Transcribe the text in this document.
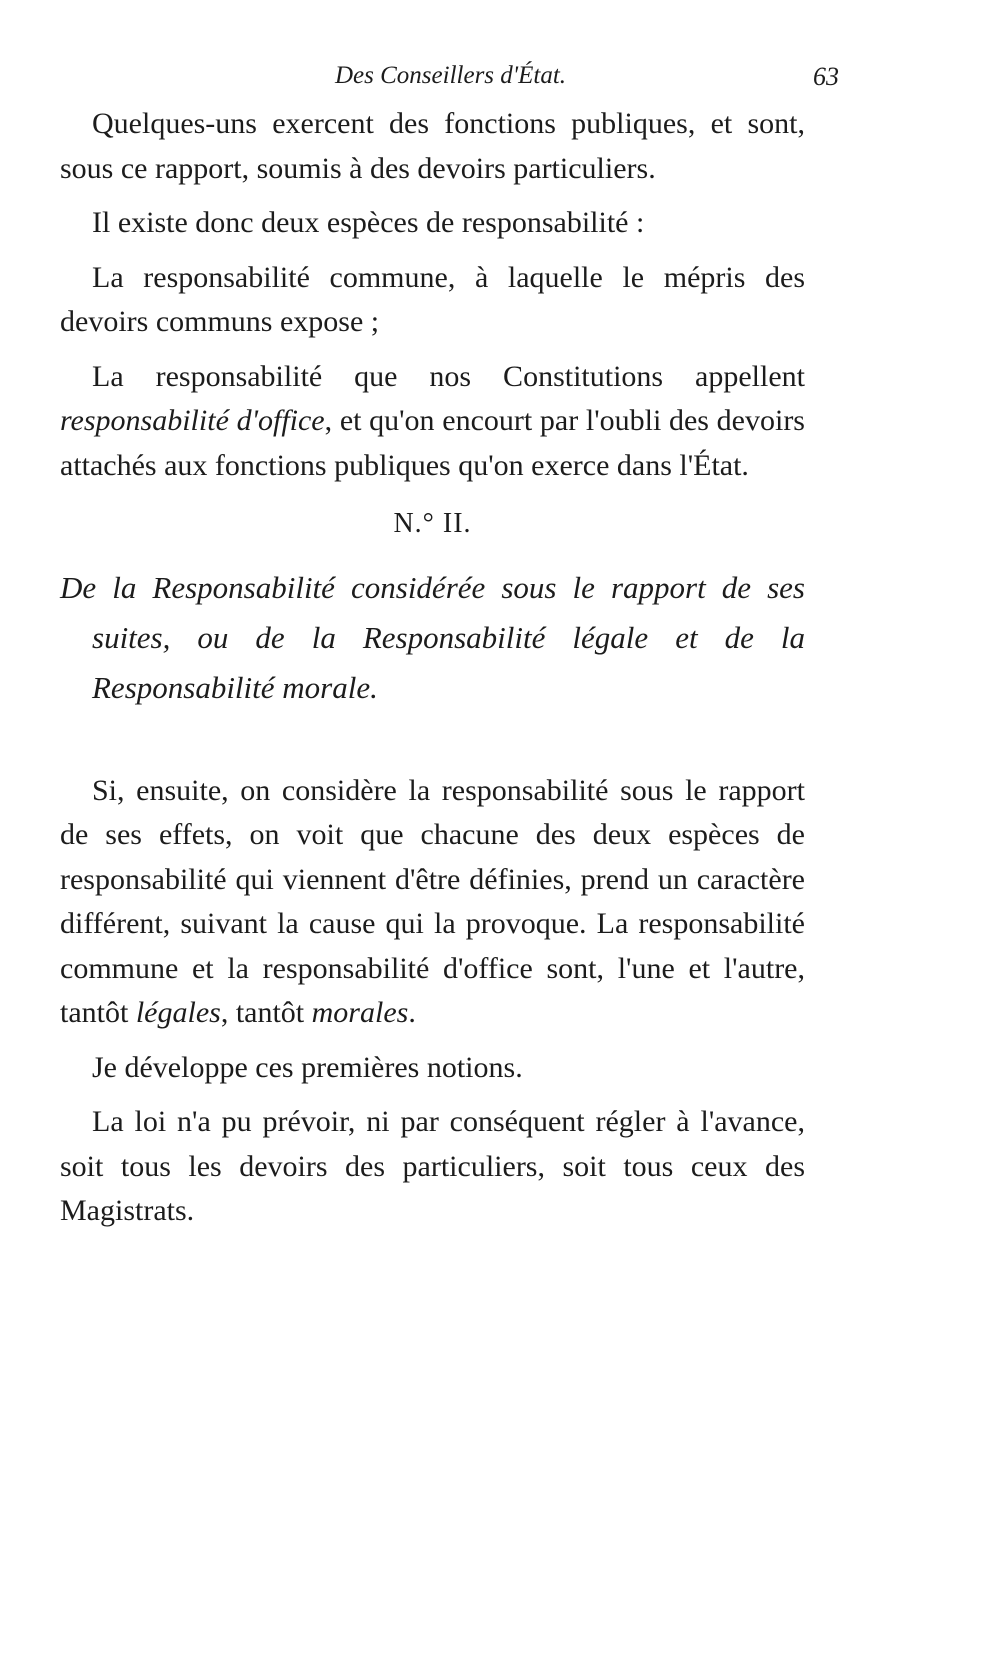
Des Conseillers d'État.	63

Quelques-uns exercent des fonctions publiques, et sont, sous ce rapport, soumis à des devoirs particuliers.

Il existe donc deux espèces de responsabilité :

La responsabilité commune, à laquelle le mépris des devoirs communs expose ;

La responsabilité que nos Constitutions appellent responsabilité d'office, et qu'on encourt par l'oubli des devoirs attachés aux fonctions publiques qu'on exerce dans l'État.

N.° II.
De la Responsabilité considérée sous le rapport de ses suites, ou de la Responsabilité légale et de la Responsabilité morale.

Si, ensuite, on considère la responsabilité sous le rapport de ses effets, on voit que chacune des deux espèces de responsabilité qui viennent d'être définies, prend un caractère différent, suivant la cause qui la provoque. La responsabilité commune et la responsabilité d'office sont, l'une et l'autre, tantôt légales, tantôt morales.

Je développe ces premières notions.

La loi n'a pu prévoir, ni par conséquent régler à l'avance, soit tous les devoirs des particuliers, soit tous ceux des Magistrats.
